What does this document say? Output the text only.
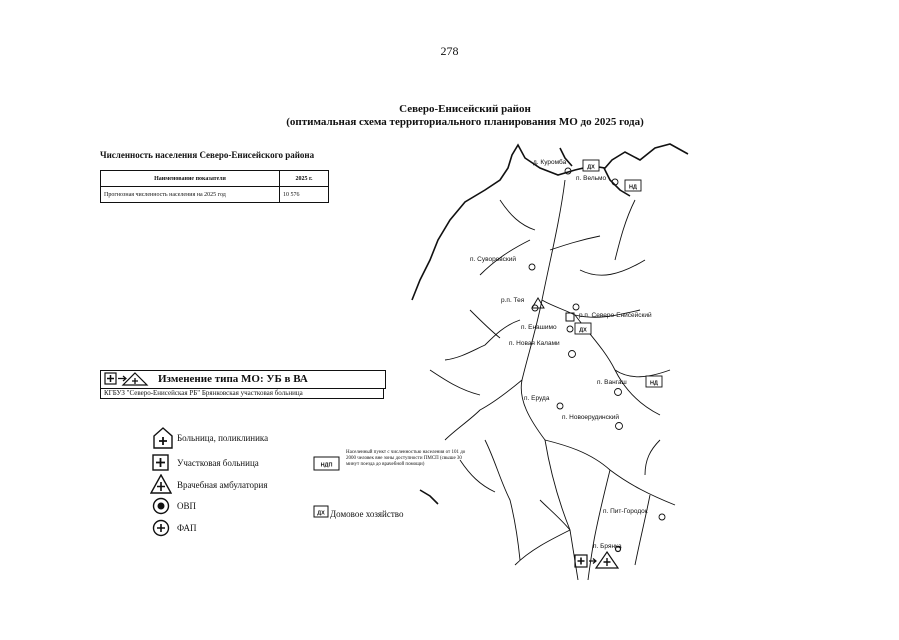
278
Северо-Енисейский район
(оптимальная схема территориального планирования МО до 2025 года)
Численность населения Северо-Енисейского района
Наименование показателя	2025 г.
Прогнозная численность населения на 2025 год	10 576
Изменение типа МО: УБ в ВА
КГБУЗ "Северо-Енисейская РБ" Брянковская участковая больница
Больница, поликлиника
Участковая больница
Врачебная амбулатория
ОВП
ФАП
НДП
Населенный пункт с численностью населения от 101 до 2000 человек вне зоны доступности ПМСП (свыше 30 минут поезда до врачебной помощи)
ДХ Домовое хозяйство
ДХ
НД
ДХ
НД
д. Куромба
п. Вельмо
п. Суворовский
р.п. Тея
р.п. Северо-Енисейский
п. Енашимо
п. Новая Калами
п. Вангаш
п. Еруда
п. Новоерудинский
п. Пит-Городок
п. Брянка
